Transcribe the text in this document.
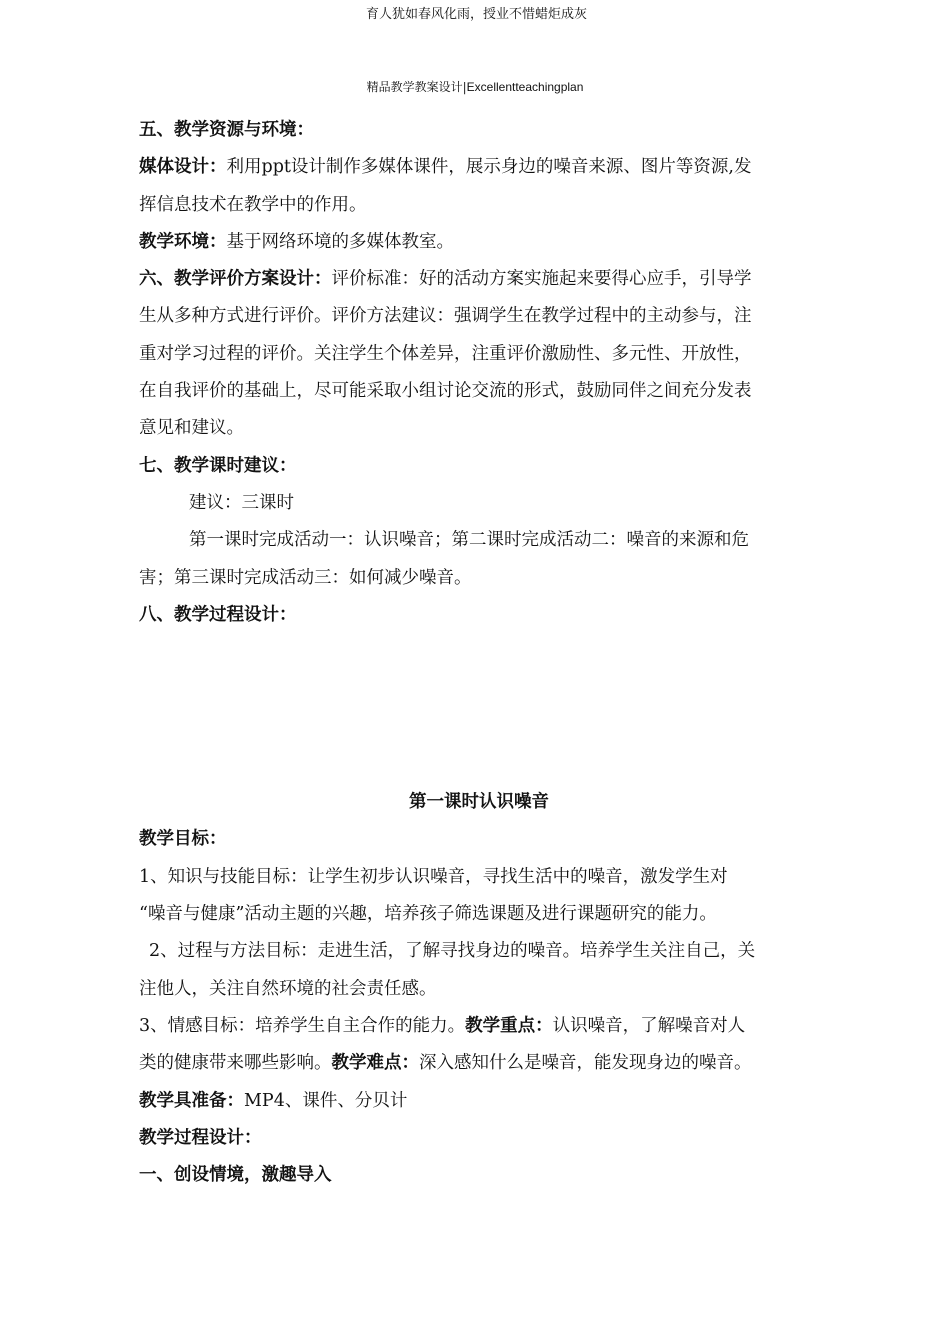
育人犹如春风化雨，授业不惜蜡炬成灰
精品教学教案设计|Excellentteachingplan
五、教学资源与环境：
媒体设计：利用ppt设计制作多媒体课件，展示身边的噪音来源、图片等资源,发
挥信息技术在教学中的作用。
教学环境：基于网络环境的多媒体教室。
六、教学评价方案设计：评价标准：好的活动方案实施起来要得心应手，引导学
生从多种方式进行评价。评价方法建议：强调学生在教学过程中的主动参与，注
重对学习过程的评价。关注学生个体差异，注重评价激励性、多元性、开放性，
在自我评价的基础上，尽可能采取小组讨论交流的形式，鼓励同伴之间充分发表
意见和建议。
七、教学课时建议：
建议：三课时
第一课时完成活动一：认识噪音；第二课时完成活动二：噪音的来源和危
害；第三课时完成活动三：如何减少噪音。
八、教学过程设计：
第一课时认识噪音
教学目标：
1、知识与技能目标：让学生初步认识噪音，寻找生活中的噪音，激发学生对
“噪音与健康”活动主题的兴趣，培养孩子筛选课题及进行课题研究的能力。
2、过程与方法目标：走进生活，了解寻找身边的噪音。培养学生关注自己，关
注他人，关注自然环境的社会责任感。
3、情感目标：培养学生自主合作的能力。教学重点：认识噪音，了解噪音对人
类的健康带来哪些影响。教学难点：深入感知什么是噪音，能发现身边的噪音。
教学具准备：MP4、课件、分贝计
教学过程设计：
一、创设情境，激趣导入
